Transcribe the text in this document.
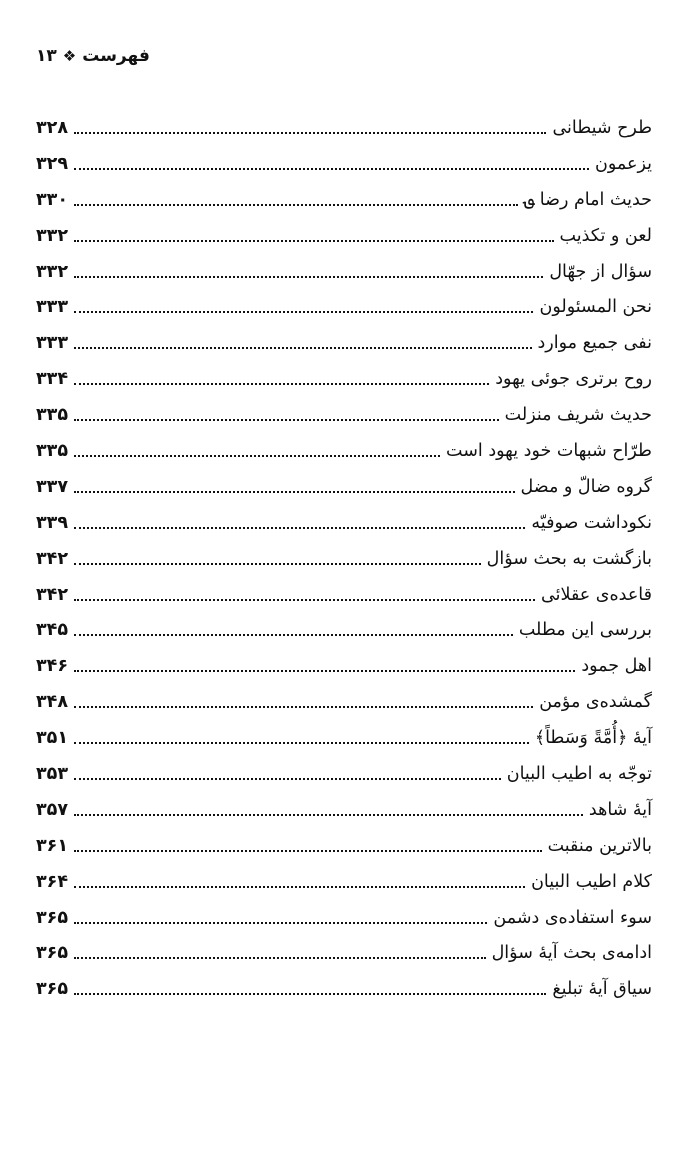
فهرست
❖
۱۳
طرح شیطانی
۳۲۸
یزعمون
۳۲۹
حدیث امام رضا ؈
۳۳۰
لعن و تکذیب
۳۳۲
سؤال از جهّال
۳۳۲
نحن المسئولون
۳۳۳
نفی جمیع موارد
۳۳۳
روح برتری جوئی یهود
۳۳۴
حدیث شریف منزلت
۳۳۵
طرّاح شبهات خود یهود است
۳۳۵
گروه ضالّ و مضل
۳۳۷
نکوداشت صوفیّه
۳۳۹
بازگشت به بحث سؤال
۳۴۲
قاعده‌ی عقلائی
۳۴۲
بررسی این مطلب
۳۴۵
اهل جمود
۳۴۶
گمشده‌ی مؤمن
۳۴۸
آیهٔ ﴿أُمَّةً وَسَطاً﴾
۳۵۱
توجّه به اطیب البیان
۳۵۳
آیهٔ شاهد
۳۵۷
بالاترین منقبت
۳۶۱
کلام اطیب البیان
۳۶۴
سوء استفاده‌ی دشمن
۳۶۵
ادامه‌ی بحث آیهٔ سؤال
۳۶۵
سیاق آیهٔ تبلیغ
۳۶۵
